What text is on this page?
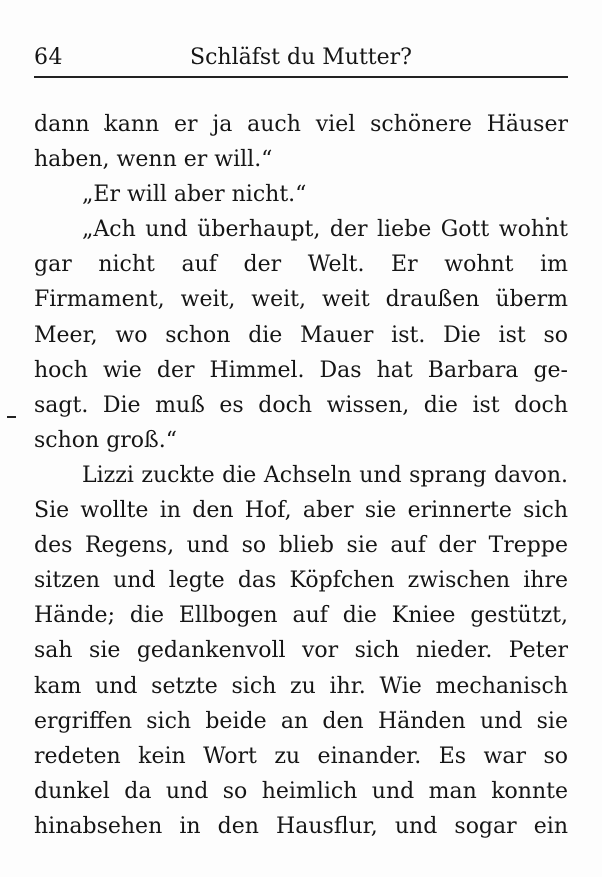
64	Schläfst du Mutter?
dann kann er ja auch viel schönere Häuser
haben, wenn er will.“
„Er will aber nicht.“
„Ach und überhaupt, der liebe Gott wohnt
gar nicht auf der Welt. Er wohnt im
Firmament, weit, weit, weit draußen überm
Meer, wo schon die Mauer ist. Die ist so
hoch wie der Himmel. Das hat Barbara ge-
sagt. Die muß es doch wissen, die ist doch
schon groß.“
Lizzi zuckte die Achseln und sprang davon.
Sie wollte in den Hof, aber sie erinnerte sich
des Regens, und so blieb sie auf der Treppe
sitzen und legte das Köpfchen zwischen ihre
Hände; die Ellbogen auf die Kniee gestützt,
sah sie gedankenvoll vor sich nieder. Peter
kam und setzte sich zu ihr. Wie mechanisch
ergriffen sich beide an den Händen und sie
redeten kein Wort zu einander. Es war so
dunkel da und so heimlich und man konnte
hinabsehen in den Hausflur, und sogar ein
